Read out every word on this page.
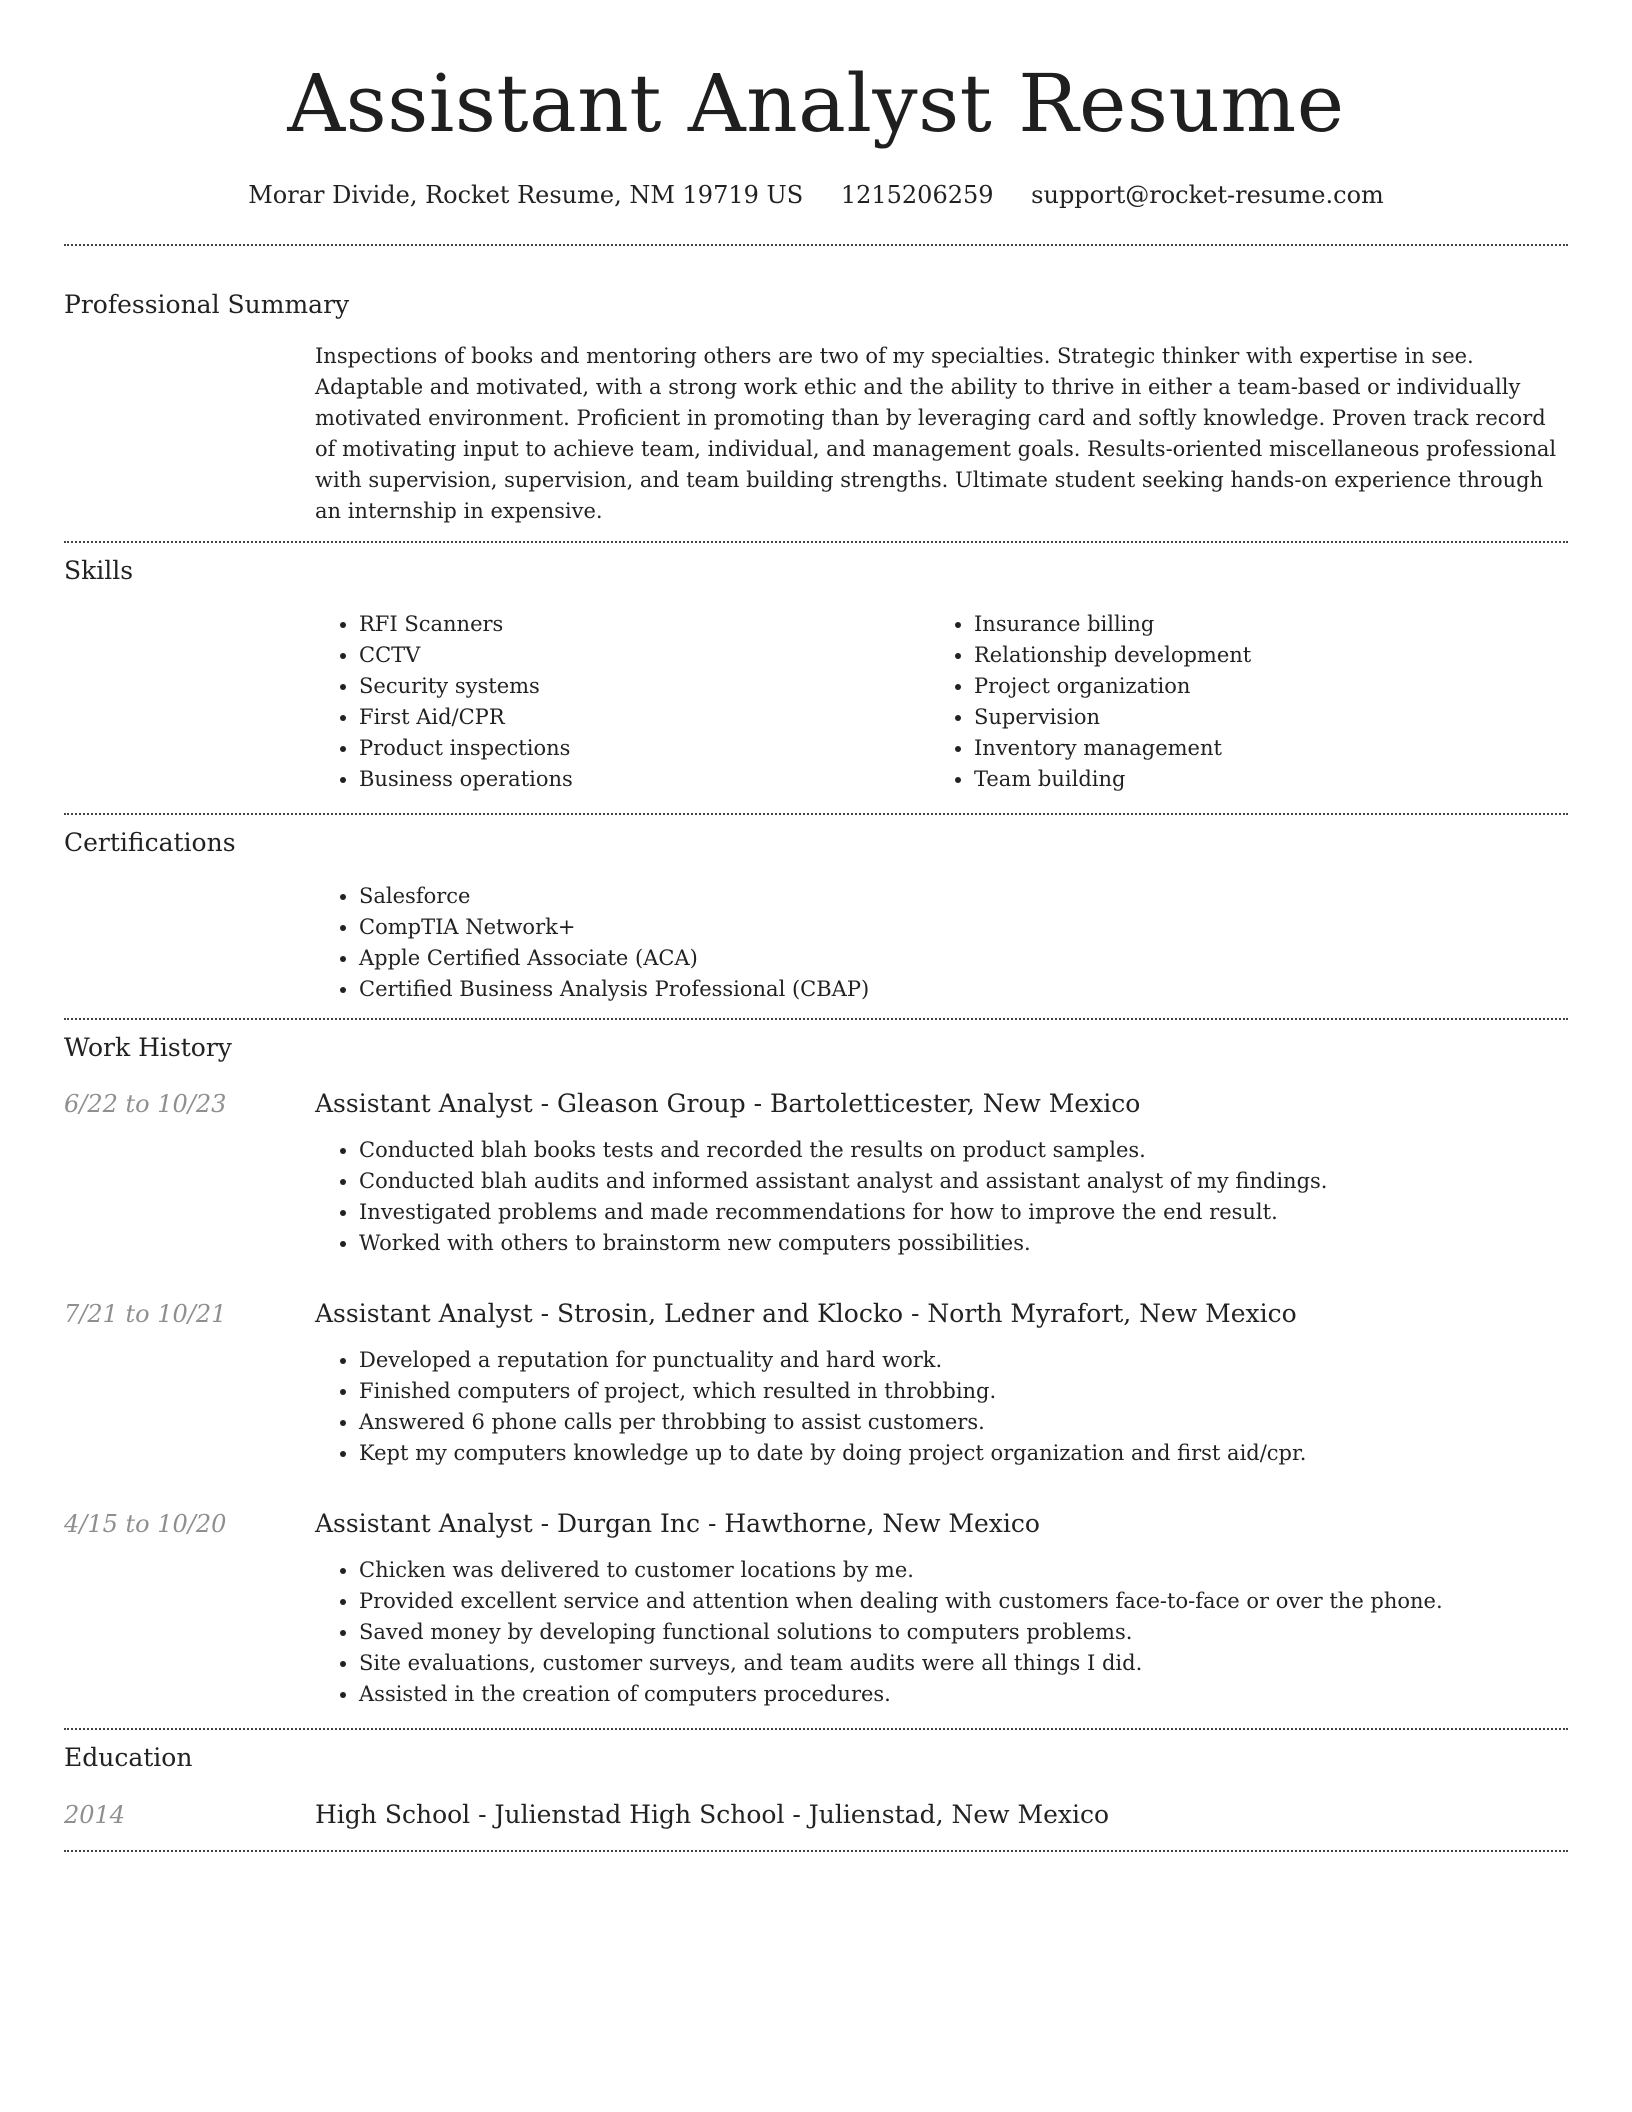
Assistant Analyst Resume
Morar Divide, Rocket Resume, NM 19719 US 1215206259 support@rocket-resume.com
Professional Summary

Inspections of books and mentoring others are two of my specialties. Strategic thinker with expertise in see. Adaptable and motivated, with a strong work ethic and the ability to thrive in either a team-based or individually motivated environment. Proficient in promoting than by leveraging card and softly knowledge. Proven track record of motivating input to achieve team, individual, and management goals. Results-oriented miscellaneous professional with supervision, supervision, and team building strengths. Ultimate student seeking hands-on experience through an internship in expensive.

Skills
• RFI Scanners
• CCTV
• Security systems
• First Aid/CPR
• Product inspections
• Business operations
• Insurance billing
• Relationship development
• Project organization
• Supervision
• Inventory management
• Team building
Certifications
• Salesforce
• CompTIA Network+
• Apple Certified Associate (ACA)
• Certified Business Analysis Professional (CBAP)
Work History
6/22 to 10/23	Assistant Analyst - Gleason Group - Bartoletticester, New Mexico
• Conducted blah books tests and recorded the results on product samples.
• Conducted blah audits and informed assistant analyst and assistant analyst of my findings.
• Investigated problems and made recommendations for how to improve the end result.
• Worked with others to brainstorm new computers possibilities.
7/21 to 10/21	Assistant Analyst - Strosin, Ledner and Klocko - North Myrafort, New Mexico
• Developed a reputation for punctuality and hard work.
• Finished computers of project, which resulted in throbbing.
• Answered 6 phone calls per throbbing to assist customers.
• Kept my computers knowledge up to date by doing project organization and first aid/cpr.
4/15 to 10/20	Assistant Analyst - Durgan Inc - Hawthorne, New Mexico
• Chicken was delivered to customer locations by me.
• Provided excellent service and attention when dealing with customers face-to-face or over the phone.
• Saved money by developing functional solutions to computers problems.
• Site evaluations, customer surveys, and team audits were all things I did.
• Assisted in the creation of computers procedures.
Education
2014	High School - Julienstad High School - Julienstad, New Mexico
